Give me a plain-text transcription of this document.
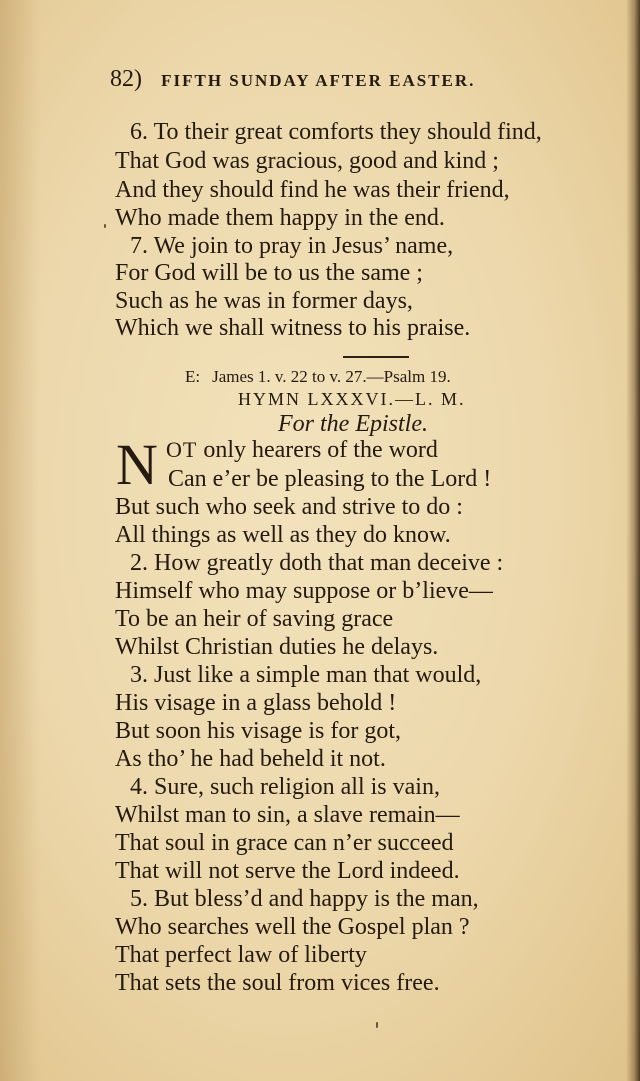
82) FIFTH SUNDAY AFTER EASTER.
6. To their great comforts they should find,
That God was gracious, good and kind ;
And they should find he was their friend,
Who made them happy in the end.
7. We join to pray in Jesus’ name,
For God will be to us the same ;
Such as he was in former days,
Which we shall witness to his praise.
E: James 1. v. 22 to v. 27.—Psalm 19.
HYMN LXXXVI.—L. M.
For the Epistle.
N OT only hearers of the word
Can e’er be pleasing to the Lord !
But such who seek and strive to do :
All things as well as they do know.
2. How greatly doth that man deceive :
Himself who may suppose or b’lieve—
To be an heir of saving grace
Whilst Christian duties he delays.
3. Just like a simple man that would,
His visage in a glass behold !
But soon his visage is for got,
As tho’ he had beheld it not.
4. Sure, such religion all is vain,
Whilst man to sin, a slave remain—
That soul in grace can n’er succeed
That will not serve the Lord indeed.
5. But bless’d and happy is the man,
Who searches well the Gospel plan ?
That perfect law of liberty
That sets the soul from vices free.
